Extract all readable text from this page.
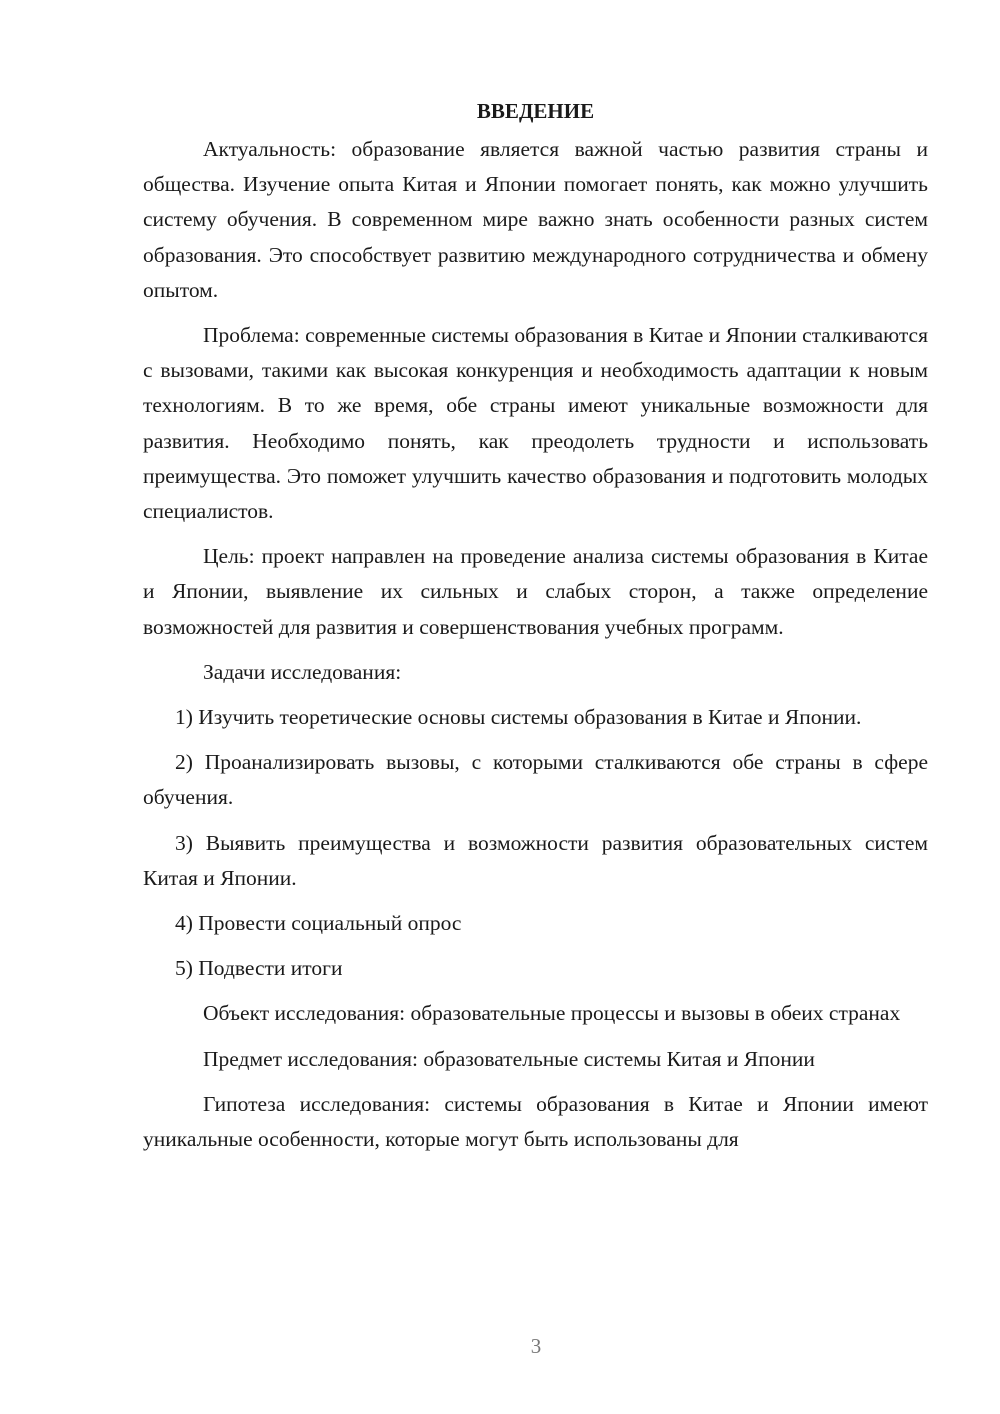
ВВЕДЕНИЕ

Актуальность: образование является важной частью развития страны и общества. Изучение опыта Китая и Японии помогает понять, как можно улучшить систему обучения. В современном мире важно знать особенности разных систем образования. Это способствует развитию международного сотрудничества и обмену опытом.

Проблема: современные системы образования в Китае и Японии сталкиваются с вызовами, такими как высокая конкуренция и необходимость адаптации к новым технологиям. В то же время, обе страны имеют уникальные возможности для развития. Необходимо понять, как преодолеть трудности и использовать преимущества. Это поможет улучшить качество образования и подготовить молодых специалистов.

Цель: проект направлен на проведение анализа системы образования в Китае и Японии, выявление их сильных и слабых сторон, а также определение возможностей для развития и совершенствования учебных программ.

Задачи исследования:

1) Изучить теоретические основы системы образования в Китае и Японии.

2) Проанализировать вызовы, с которыми сталкиваются обе страны в сфере обучения.

3) Выявить преимущества и возможности развития образовательных систем Китая и Японии.

4) Провести социальный опрос

5) Подвести итоги

Объект исследования: образовательные процессы и вызовы в обеих странах

Предмет исследования: образовательные системы Китая и Японии

Гипотеза исследования: системы образования в Китае и Японии имеют уникальные особенности, которые могут быть использованы для

3
